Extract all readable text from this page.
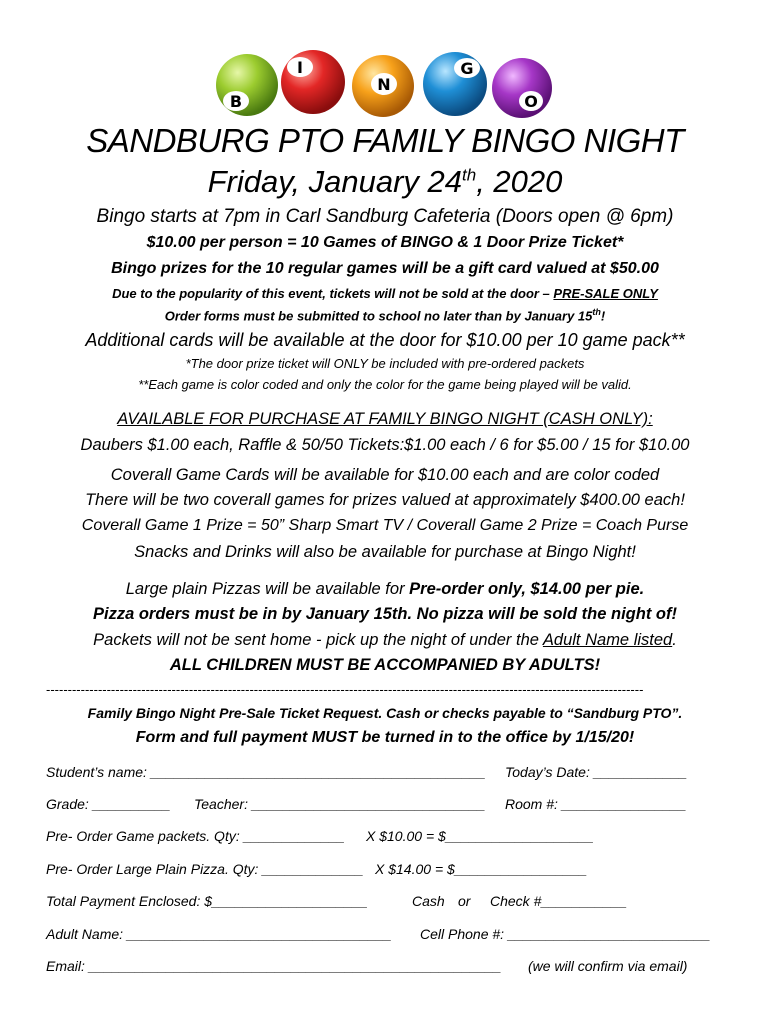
B
I
N
G
O
SANDBURG PTO FAMILY BINGO NIGHT
Friday, January 24th, 2020
Bingo starts at 7pm in Carl Sandburg Cafeteria (Doors open @ 6pm)
$10.00 per person = 10 Games of BINGO & 1 Door Prize Ticket*
Bingo prizes for the 10 regular games will be a gift card valued at $50.00
Due to the popularity of this event, tickets will not be sold at the door – PRE-SALE ONLY
Order forms must be submitted to school no later than by January 15th!
Additional cards will be available at the door for $10.00 per 10 game pack**
*The door prize ticket will ONLY be included with pre-ordered packets
**Each game is color coded and only the color for the game being played will be valid.
AVAILABLE FOR PURCHASE AT FAMILY BINGO NIGHT (CASH ONLY):
Daubers $1.00 each, Raffle & 50/50 Tickets:$1.00 each / 6 for $5.00 / 15 for $10.00
Coverall Game Cards will be available for $10.00 each and are color coded
There will be two coverall games for prizes valued at approximately $400.00 each!
Coverall Game 1 Prize = 50” Sharp Smart TV / Coverall Game 2 Prize = Coach Purse
Snacks and Drinks will also be available for purchase at Bingo Night!
Large plain Pizzas will be available for Pre-order only, $14.00 per pie.
Pizza orders must be in by January 15th. No pizza will be sold the night of!
Packets will not be sent home - pick up the night of under the Adult Name listed.
ALL CHILDREN MUST BE ACCOMPANIED BY ADULTS!
------------------------------------------------------------------------------------------------------------------------------------------
Family Bingo Night Pre-Sale Ticket Request. Cash or checks payable to “Sandburg PTO”.
Form and full payment MUST be turned in to the office by 1/15/20!
Student’s name: ___________________________________________ Today’s Date: ____________
Grade: __________ Teacher: ______________________________ Room #: ________________
Pre- Order Game packets. Qty: _____________ X $10.00 = $___________________
Pre- Order Large Plain Pizza. Qty: _____________ X $14.00 = $_________________
Total Payment Enclosed: $____________________	Cash or Check #___________
Adult Name: __________________________________ Cell Phone #: __________________________
Email: _____________________________________________________ (we will confirm via email)
